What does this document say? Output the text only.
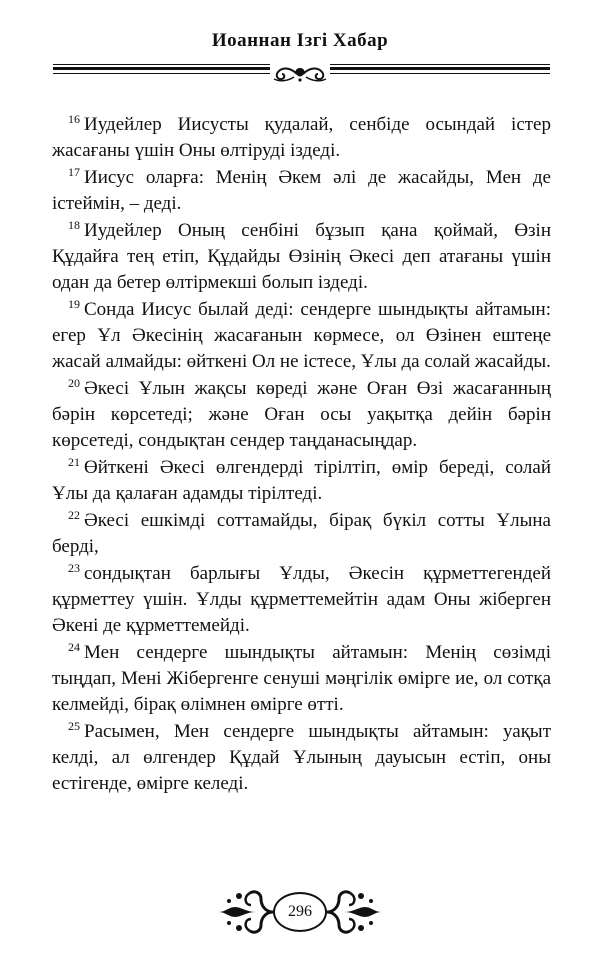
Иоаннан Ізгі Хабар

$^{16}$ Иудейлер Иисусты қудалай, сенбіде осындай істер жасағаны үшін Оны өлтіруді іздеді.

$^{17}$ Иисус оларға: Менің Әкем әлі де жасайды, Мен де істеймін, – деді.

$^{18}$ Иудейлер Оның сенбіні бұзып қана қоймай, Өзін Құдайға тең етіп, Құдайды Өзінің Әкесі деп атағаны үшін одан да бетер өлтірмекші болып іздеді.

$^{19}$ Сонда Иисус былай деді: сендерге шындықты айтамын: егер Ұл Әкесінің жасағанын көрмесе, ол Өзінен ештеңе жасай алмайды: өйткені Ол не істесе, Ұлы да солай жасайды.

$^{20}$ Әкесі Ұлын жақсы көреді және Оған Өзі жасағанның бәрін көрсетеді; және Оған осы уақытқа дейін бәрін көрсетеді, сондықтан сендер таңданасыңдар.

$^{21}$ Өйткені Әкесі өлгендерді тірілтіп, өмір береді, солай Ұлы да қалаған адамды тірілтеді.

$^{22}$ Әкесі ешкімді соттамайды, бірақ бүкіл сотты Ұлына берді,

$^{23}$ сондықтан барлығы Ұлды, Әкесін құрметтегендей құрметтеу үшін. Ұлды құрметтемейтін адам Оны жіберген Әкені де құрметтемейді.

$^{24}$ Мен сендерге шындықты айтамын: Менің сөзімді тыңдап, Мені Жібергенге сенуші мәңгілік өмірге ие, ол сотқа келмейді, бірақ өлімнен өмірге өтті.

$^{25}$ Расымен, Мен сендерге шындықты айтамын: уақыт келді, ал өлгендер Құдай Ұлының дауысын естіп, оны естігенде, өмірге келеді.

296
